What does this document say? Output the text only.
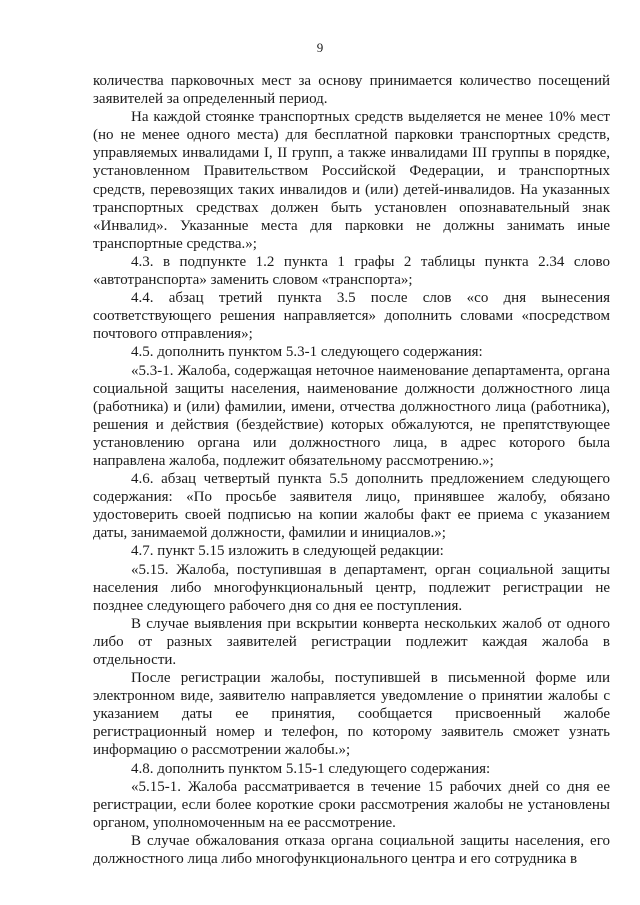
9

количества парковочных мест за основу принимается количество посещений заявителей за определенный период.

На каждой стоянке транспортных средств выделяется не менее 10% мест (но не менее одного места) для бесплатной парковки транспортных средств, управляемых инвалидами I, II групп, а также инвалидами III группы в порядке, установленном Правительством Российской Федерации, и транспортных средств, перевозящих таких инвалидов и (или) детей-инвалидов. На указанных транспортных средствах должен быть установлен опознавательный знак «Инвалид». Указанные места для парковки не должны занимать иные транспортные средства.»;

4.3. в подпункте 1.2 пункта 1 графы 2 таблицы пункта 2.34 слово «автотранспорта» заменить словом «транспорта»;

4.4. абзац третий пункта 3.5 после слов «со дня вынесения соответствующего решения направляется» дополнить словами «посредством почтового отправления»;

4.5. дополнить пунктом 5.3-1 следующего содержания:

«5.3-1. Жалоба, содержащая неточное наименование департамента, органа социальной защиты населения, наименование должности должностного лица (работника) и (или) фамилии, имени, отчества должностного лица (работника), решения и действия (бездействие) которых обжалуются, не препятствующее установлению органа или должностного лица, в адрес которого была направлена жалоба, подлежит обязательному рассмотрению.»;

4.6. абзац четвертый пункта 5.5 дополнить предложением следующего содержания: «По просьбе заявителя лицо, принявшее жалобу, обязано удостоверить своей подписью на копии жалобы факт ее приема с указанием даты, занимаемой должности, фамилии и инициалов.»;

4.7. пункт 5.15 изложить в следующей редакции:

«5.15. Жалоба, поступившая в департамент, орган социальной защиты населения либо многофункциональный центр, подлежит регистрации не позднее следующего рабочего дня со дня ее поступления.

В случае выявления при вскрытии конверта нескольких жалоб от одного либо от разных заявителей регистрации подлежит каждая жалоба в отдельности.

После регистрации жалобы, поступившей в письменной форме или электронном виде, заявителю направляется уведомление о принятии жалобы с указанием даты ее принятия, сообщается присвоенный жалобе регистрационный номер и телефон, по которому заявитель сможет узнать информацию о рассмотрении жалобы.»;

4.8. дополнить пунктом 5.15-1 следующего содержания:

«5.15-1. Жалоба рассматривается в течение 15 рабочих дней со дня ее регистрации, если более короткие сроки рассмотрения жалобы не установлены органом, уполномоченным на ее рассмотрение.

В случае обжалования отказа органа социальной защиты населения, его должностного лица либо многофункционального центра и его сотрудника в
